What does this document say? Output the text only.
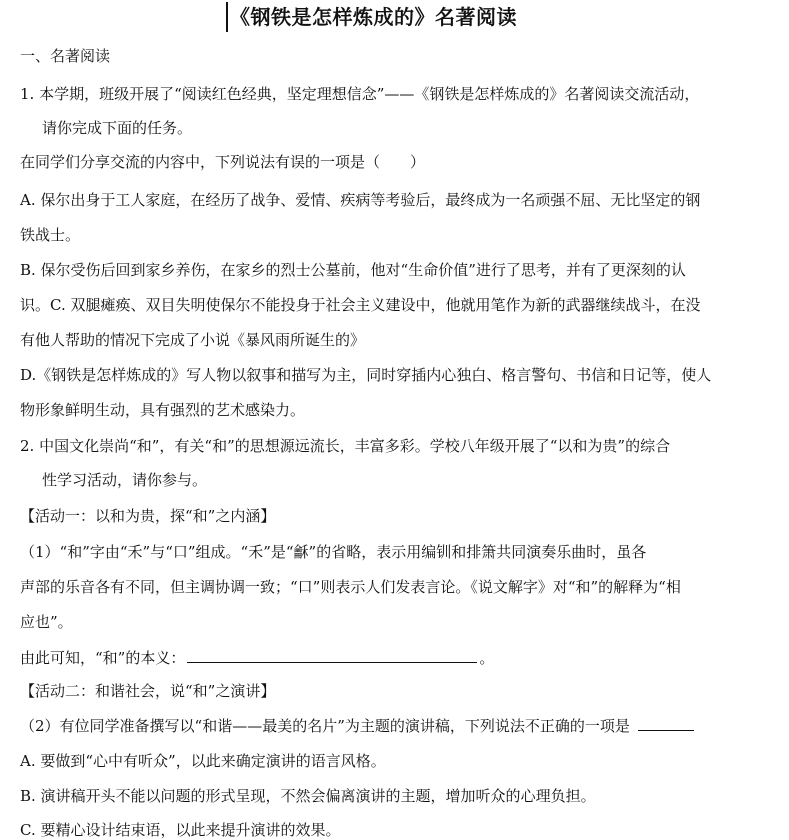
《钢铁是怎样炼成的》名著阅读
一、名著阅读
1. 本学期，班级开展了“阅读红色经典，坚定理想信念”——《钢铁是怎样炼成的》名著阅读交流活动，
请你完成下面的任务。
在同学们分享交流的内容中，下列说法有误的一项是（　　）
A. 保尔出身于工人家庭，在经历了战争、爱情、疾病等考验后，最终成为一名顽强不屈、无比坚定的钢
铁战士。
B. 保尔受伤后回到家乡养伤，在家乡的烈士公墓前，他对“生命价值”进行了思考，并有了更深刻的认
识。C. 双腿瘫痪、双目失明使保尔不能投身于社会主义建设中，他就用笔作为新的武器继续战斗，在没
有他人帮助的情况下完成了小说《暴风雨所诞生的》
D.《钢铁是怎样炼成的》写人物以叙事和描写为主，同时穿插内心独白、格言警句、书信和日记等，使人
物形象鲜明生动，具有强烈的艺术感染力。
2. 中国文化崇尚“和”，有关“和”的思想源远流长，丰富多彩。学校八年级开展了“以和为贵”的综合
性学习活动，请你参与。
【活动一：以和为贵，探“和”之内涵】
（1）“和”字由“禾”与“口”组成。“禾”是“龢”的省略，表示用编钏和排箫共同演奏乐曲时，虽各
声部的乐音各有不同，但主调协调一致；“口”则表示人们发表言论。《说文解字》对“和”的解释为“相
应也”。
由此可知，“和”的本义：	。
【活动二：和谐社会，说“和”之演讲】
（2）有位同学准备撰写以“和谐——最美的名片”为主题的演讲稿，下列说法不正确的一项是
A. 要做到“心中有听众”，以此来确定演讲的语言风格。
B. 演讲稿开头不能以问题的形式呈现，不然会偏离演讲的主题，增加听众的心理负担。
C. 要精心设计结束语，以此来提升演讲的效果。
